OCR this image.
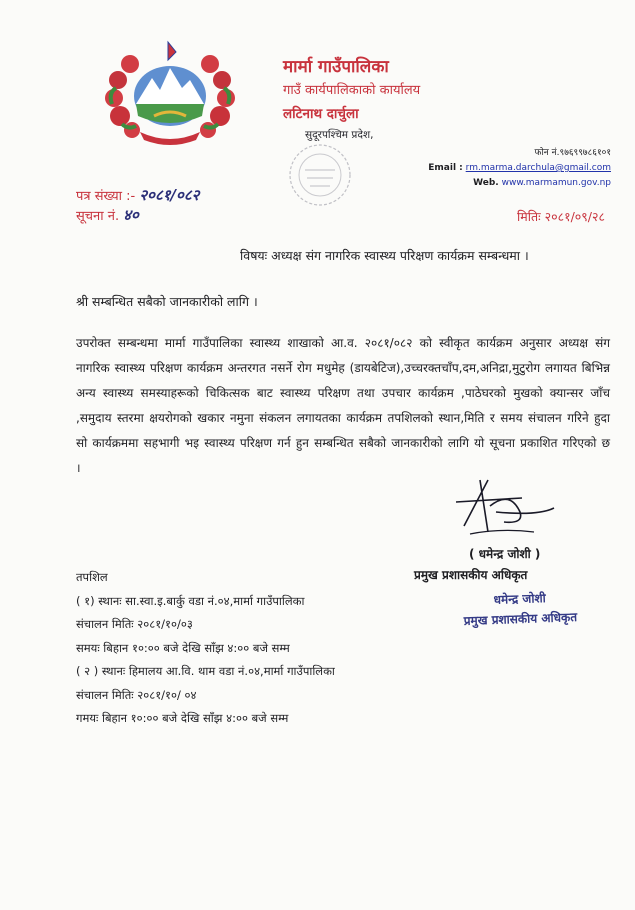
मार्मा गाउँपालिका
गाउँ कार्यपालिकाको कार्यालय
लटिनाथ दार्चुला
सुदूरपश्चिम प्रदेश,
फोन नं.९७६९९७८६१०१
Email : rm.marma.darchula@gmail.com
Web. www.marmamun.gov.np
पत्र संख्या :- २०८१/०८२
सूचना नं. ४०	मितिः २०८१/०९/२८
विषयः अध्यक्ष संग नागरिक स्वास्थ्य परिक्षण कार्यक्रम सम्बन्धमा ।
श्री सम्बन्धित सबैको जानकारीको लागि ।
उपरोक्त सम्बन्धमा मार्मा गाउँपालिका स्वास्थ्य शाखाको आ.व. २०८१/०८२ को स्वीकृत कार्यक्रम अनुसार अध्यक्ष संग नागरिक स्वास्थ्य परिक्षण कार्यक्रम अन्तरगत नसर्ने रोग मधुमेह (डायबेटिज),उच्चरक्तचाँप,दम,अनिद्रा,मुटुरोग लगायत बिभिन्न अन्य स्वास्थ्य समस्याहरूको चिकित्सक बाट स्वास्थ्य परिक्षण तथा उपचार कार्यक्रम ,पाठेघरको मुखको क्यान्सर जाँच ,समुदाय स्तरमा क्षयरोगको खकार नमुना संकलन लगायतका कार्यक्रम तपशिलको स्थान,मिति र समय संचालन गरिने हुदा सो कार्यक्रममा सहभागी भइ स्वास्थ्य परिक्षण गर्न हुन सम्बन्धित सबैको जानकारीको लागि यो सूचना प्रकाशित गरिएको छ ।
( धमेन्द्र जोशी )
प्रमुख प्रशासकीय अधिकृत
धमेन्द्र जोशी
प्रमुख प्रशासकीय अधिकृत
तपशिल
( १) स्थानः सा.स्वा.इ.बार्कु वडा नं.०४,मार्मा गाउँपालिका
संचालन मितिः २०८१/१०/०३
समयः बिहान १०:०० बजे देखि साँझ ४:०० बजे सम्म
( २ ) स्थानः हिमालय आ.वि. थाम वडा नं.०४,मार्मा गाउँपालिका
संचालन मितिः २०८१/१०/ ०४
गमयः बिहान १०:०० बजे देखि साँझ ४:०० बजे सम्म
